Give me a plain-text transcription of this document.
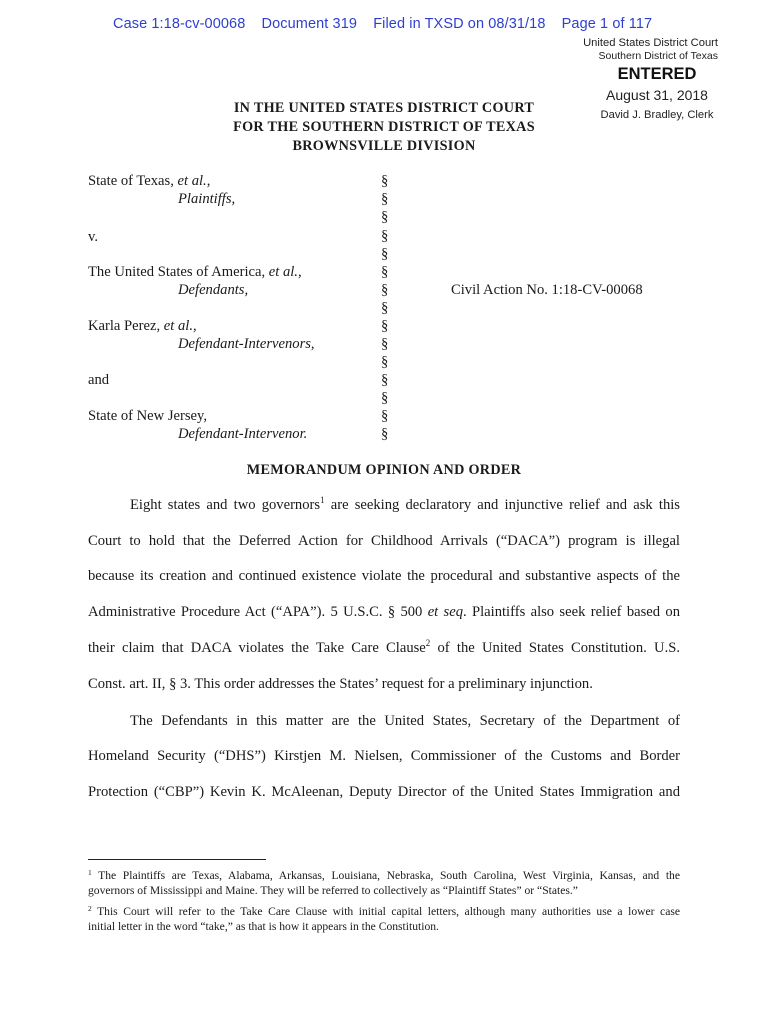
Case 1:18-cv-00068 Document 319 Filed in TXSD on 08/31/18 Page 1 of 117
United States District Court
Southern District of Texas
ENTERED
August 31, 2018
David J. Bradley, Clerk
IN THE UNITED STATES DISTRICT COURT
FOR THE SOUTHERN DISTRICT OF TEXAS
BROWNSVILLE DIVISION
State of Texas, et al.,
Plaintiffs,
v.
The United States of America, et al.,
Defendants,
Karla Perez, et al.,
Defendant-Intervenors,
and
State of New Jersey,
Defendant-Intervenor.
§
§
§
§
§
§
§
§
§
§
§
§
§
§
§
Civil Action No. 1:18-CV-00068
MEMORANDUM OPINION AND ORDER
Eight states and two governors$^1$ are seeking declaratory and injunctive relief and ask this
Court to hold that the Deferred Action for Childhood Arrivals (“DACA”) program is illegal
because its creation and continued existence violate the procedural and substantive aspects of the
Administrative Procedure Act (“APA”). 5 U.S.C. § 500 et seq. Plaintiffs also seek relief based on
their claim that DACA violates the Take Care Clause$^2$ of the United States Constitution. U.S.
Const. art. II, § 3. This order addresses the States’ request for a preliminary injunction.
The Defendants in this matter are the United States, Secretary of the Department of
Homeland Security (“DHS”) Kirstjen M. Nielsen, Commissioner of the Customs and Border
Protection (“CBP”) Kevin K. McAleenan, Deputy Director of the United States Immigration and
$^1$ The Plaintiffs are Texas, Alabama, Arkansas, Louisiana, Nebraska, South Carolina, West Virginia, Kansas, and the
governors of Mississippi and Maine. They will be referred to collectively as “Plaintiff States” or “States.”
$^2$ This Court will refer to the Take Care Clause with initial capital letters, although many authorities use a lower case
initial letter in the word “take,” as that is how it appears in the Constitution.
